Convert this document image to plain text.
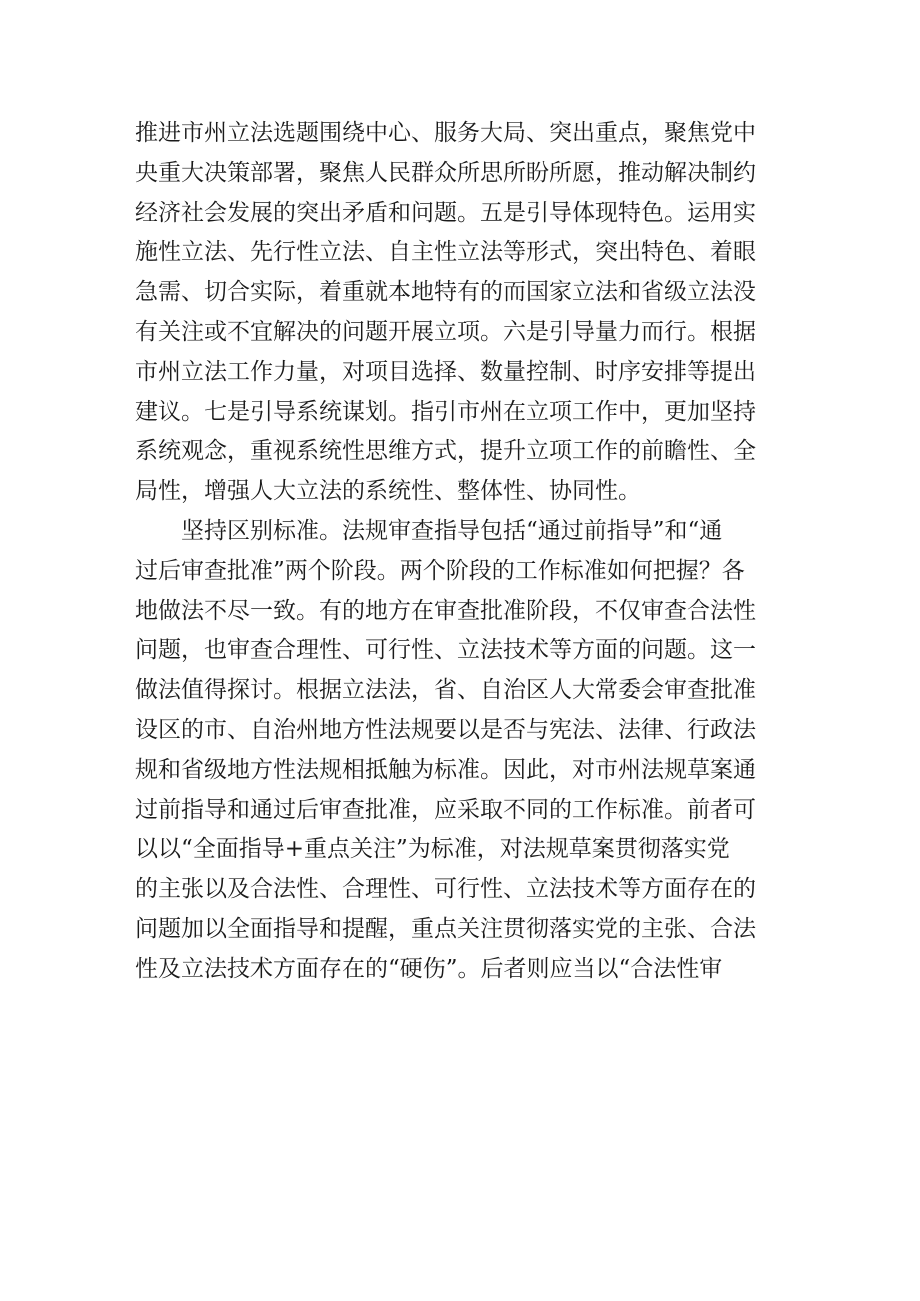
推进市州立法选题围绕中心、服务大局、突出重点，聚焦党中
央重大决策部署，聚焦人民群众所思所盼所愿，推动解决制约
经济社会发展的突出矛盾和问题。五是引导体现特色。运用实
施性立法、先行性立法、自主性立法等形式，突出特色、着眼
急需、切合实际，着重就本地特有的而国家立法和省级立法没
有关注或不宜解决的问题开展立项。六是引导量力而行。根据
市州立法工作力量，对项目选择、数量控制、时序安排等提出
建议。七是引导系统谋划。指引市州在立项工作中，更加坚持
系统观念，重视系统性思维方式，提升立项工作的前瞻性、全
局性，增强人大立法的系统性、整体性、协同性。
坚持区别标准。法规审查指导包括“通过前指导”和“通
过后审查批准”两个阶段。两个阶段的工作标准如何把握？各
地做法不尽一致。有的地方在审查批准阶段，不仅审查合法性
问题，也审查合理性、可行性、立法技术等方面的问题。这一
做法值得探讨。根据立法法，省、自治区人大常委会审查批准
设区的市、自治州地方性法规要以是否与宪法、法律、行政法
规和省级地方性法规相抵触为标准。因此，对市州法规草案通
过前指导和通过后审查批准，应采取不同的工作标准。前者可
以以“全面指导+重点关注”为标准，对法规草案贯彻落实党
的主张以及合法性、合理性、可行性、立法技术等方面存在的
问题加以全面指导和提醒，重点关注贯彻落实党的主张、合法
性及立法技术方面存在的“硬伤”。后者则应当以“合法性审
